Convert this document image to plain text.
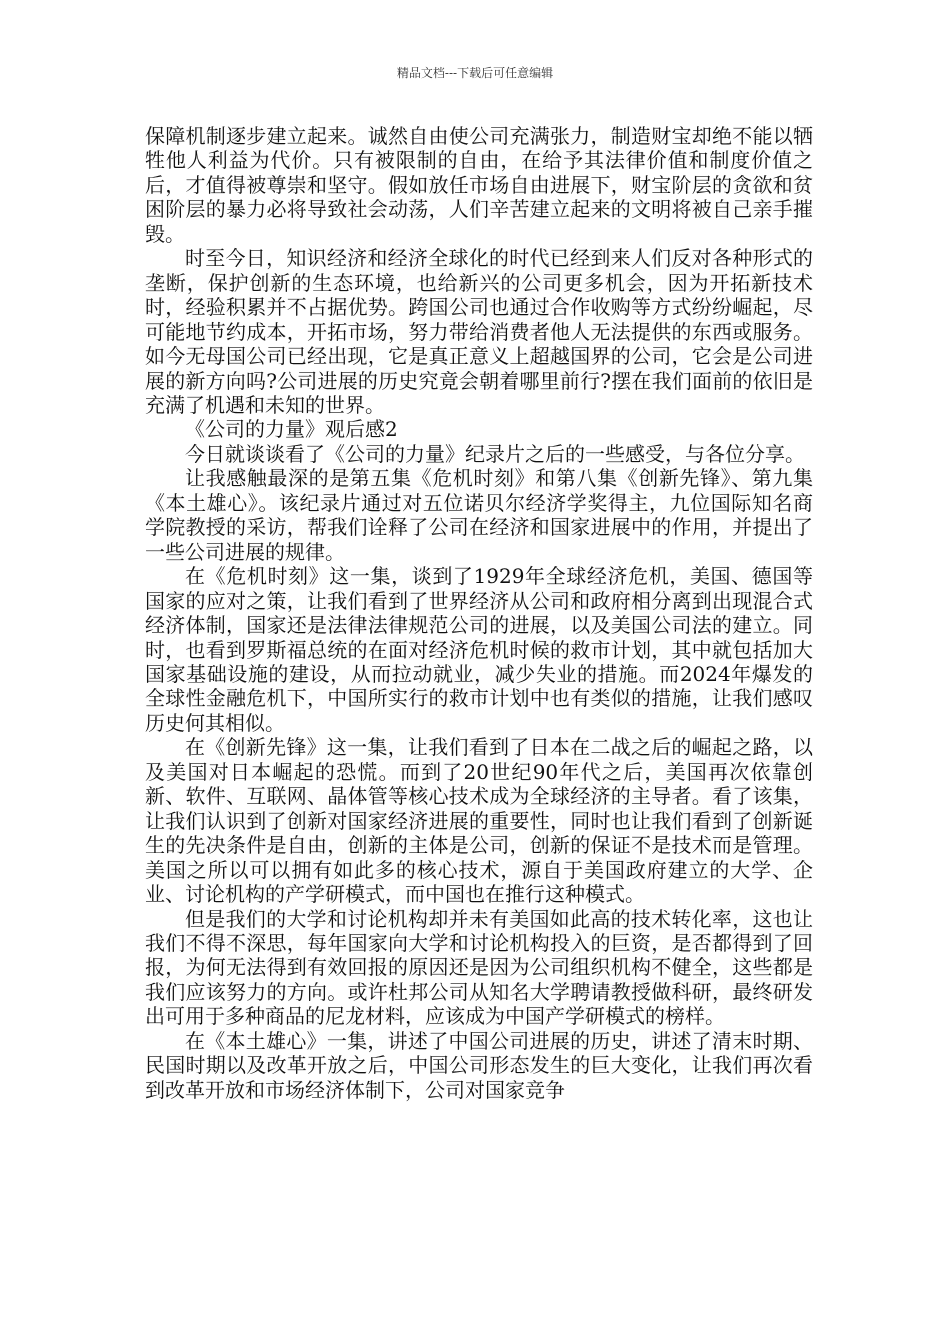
精品文档---下载后可任意编辑

保障机制逐步建立起来。诚然自由使公司充满张力，制造财宝却绝不能以牺牲他人利益为代价。只有被限制的自由，在给予其法律价值和制度价值之后，才值得被尊崇和坚守。假如放任市场自由进展下，财宝阶层的贪欲和贫困阶层的暴力必将导致社会动荡，人们辛苦建立起来的文明将被自己亲手摧毁。

时至今日，知识经济和经济全球化的时代已经到来人们反对各种形式的垄断，保护创新的生态环境，也给新兴的公司更多机会，因为开拓新技术时，经验积累并不占据优势。跨国公司也通过合作收购等方式纷纷崛起，尽可能地节约成本，开拓市场，努力带给消费者他人无法提供的东西或服务。如今无母国公司已经出现，它是真正意义上超越国界的公司，它会是公司进展的新方向吗?公司进展的历史究竟会朝着哪里前行?摆在我们面前的依旧是充满了机遇和未知的世界。

《公司的力量》观后感2

今日就谈谈看了《公司的力量》纪录片之后的一些感受，与各位分享。

让我感触最深的是第五集《危机时刻》和第八集《创新先锋》、第九集《本土雄心》。该纪录片通过对五位诺贝尔经济学奖得主，九位国际知名商学院教授的采访，帮我们诠释了公司在经济和国家进展中的作用，并提出了一些公司进展的规律。

在《危机时刻》这一集，谈到了1929年全球经济危机，美国、德国等国家的应对之策，让我们看到了世界经济从公司和政府相分离到出现混合式经济体制，国家还是法律法律规范公司的进展，以及美国公司法的建立。同时，也看到罗斯福总统的在面对经济危机时候的救市计划，其中就包括加大国家基础设施的建设，从而拉动就业，减少失业的措施。而2024年爆发的全球性金融危机下，中国所实行的救市计划中也有类似的措施，让我们感叹历史何其相似。

在《创新先锋》这一集，让我们看到了日本在二战之后的崛起之路，以及美国对日本崛起的恐慌。而到了20世纪90年代之后，美国再次依靠创新、软件、互联网、晶体管等核心技术成为全球经济的主导者。看了该集，让我们认识到了创新对国家经济进展的重要性，同时也让我们看到了创新诞生的先决条件是自由，创新的主体是公司，创新的保证不是技术而是管理。美国之所以可以拥有如此多的核心技术，源自于美国政府建立的大学、企业、讨论机构的产学研模式，而中国也在推行这种模式。

但是我们的大学和讨论机构却并未有美国如此高的技术转化率，这也让我们不得不深思，每年国家向大学和讨论机构投入的巨资，是否都得到了回报，为何无法得到有效回报的原因还是因为公司组织机构不健全，这些都是我们应该努力的方向。或许杜邦公司从知名大学聘请教授做科研，最终研发出可用于多种商品的尼龙材料，应该成为中国产学研模式的榜样。

在《本土雄心》一集，讲述了中国公司进展的历史，讲述了清末时期、民国时期以及改革开放之后，中国公司形态发生的巨大变化，让我们再次看到改革开放和市场经济体制下，公司对国家竞争
